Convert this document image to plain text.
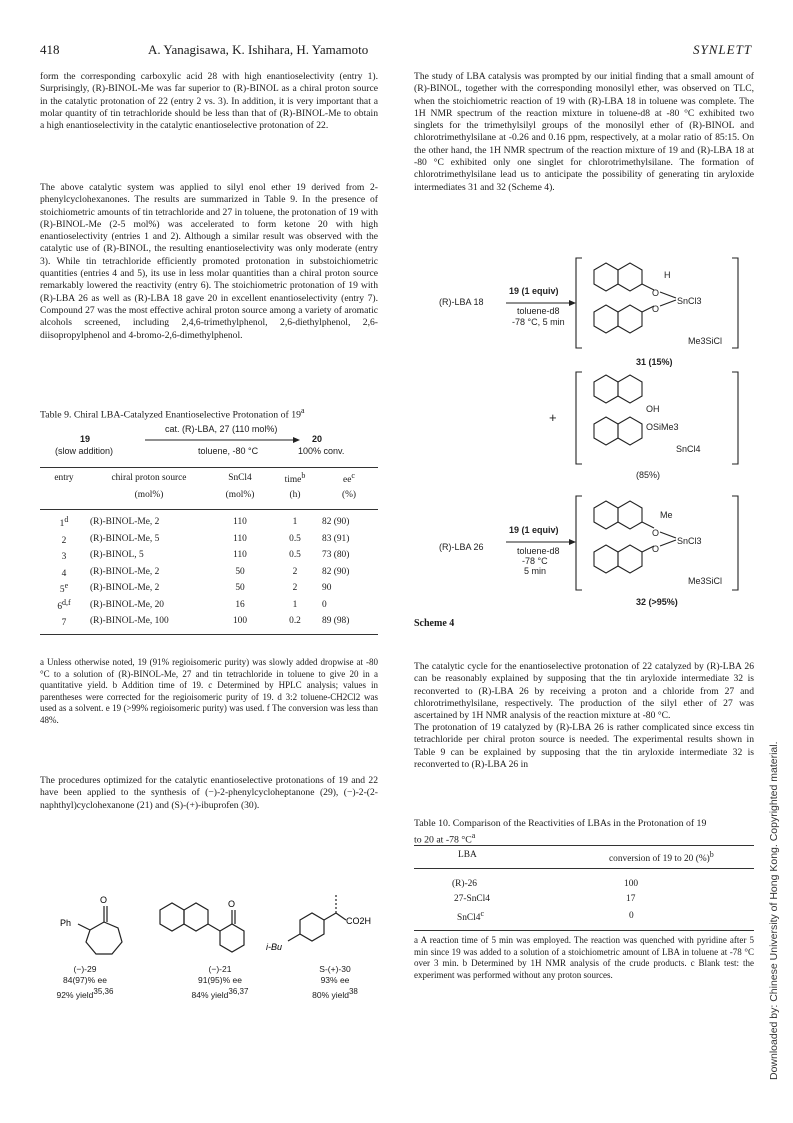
418	A. Yanagisawa, K. Ishihara, H. Yamamoto	SYNLETT

form the corresponding carboxylic acid 28 with high enantioselectivity (entry 1). Surprisingly, (R)-BINOL-Me was far superior to (R)-BINOL as a chiral proton source in the catalytic protonation of 22 (entry 2 vs. 3). In addition, it is very important that a molar quantity of tin tetrachloride should be less than that of (R)-BINOL-Me to obtain a high enantioselectivity in the catalytic enantioselective protonation of 22.

The above catalytic system was applied to silyl enol ether 19 derived from 2-phenylcyclohexanones. The results are summarized in Table 9. In the presence of stoichiometric amounts of tin tetrachloride and 27 in toluene, the protonation of 19 with (R)-BINOL-Me (2-5 mol%) was accelerated to form ketone 20 with high enantioselectivity (entries 1 and 2). Although a similar result was observed with the catalytic use of (R)-BINOL, the resulting enantioselectivity was only moderate (entry 3). While tin tetrachloride efficiently promoted protonation in substoichiometric quantities (entries 4 and 5), its use in less molar quantities than a chiral proton source remarkably lowered the reactivity (entry 6). The stoichiometric protonation of 19 with (R)-LBA 26 as well as (R)-LBA 18 gave 20 in excellent enantioselectivity (entry 7). Compound 27 was the most effective achiral proton source among a variety of aromatic alcohols screened, including 2,4,6-trimethylphenol, 2,6-diethylphenol, 2,6-diisopropylphenol and 4-bromo-2,6-dimethylphenol.

Table 9. Chiral LBA-Catalyzed Enantioselective Protonation of 19$^a$
19
(slow addition)
cat. (R)-LBA, 27 (110 mol%)
toluene, -80 °C
20
100% conv.
entry	chiral proton source	SnCl4	time$^b$	$ee^c$
	(mol%)	(mol%)	(h)	(%)

1$^d$	(R)-BINOL-Me, 2	110	1	82 (90)
2	(R)-BINOL-Me, 5	110	0.5	83 (91)
3	(R)-BINOL, 5	110	0.5	73 (80)
4	(R)-BINOL-Me, 2	50	2	82 (90)
5e	(R)-BINOL-Me, 2	50	2	90
6$^{d,f}$	(R)-BINOL-Me, 20	16	1	0
7	(R)-BINOL-Me, 100	100	0.2	89 (98)

a Unless otherwise noted, 19 (91% regioisomeric purity) was slowly added dropwise at -80 °C to a solution of (R)-BINOL-Me, 27 and tin tetrachloride in toluene to give 20 in a quantitative yield. b Addition time of 19. c Determined by HPLC analysis; values in parentheses were corrected for the regioisomeric purity of 19. d 3:2 toluene-CH2Cl2 was used as a solvent. e 19 (>99% regioisomeric purity) was used. f The conversion was less than 48%.

The procedures optimized for the catalytic enantioselective protonations of 19 and 22 have been applied to the synthesis of (−)-2-phenylcycloheptanone (29), (−)-2-(2-naphthyl)cyclohexanone (21) and (S)-(+)-ibuprofen (30).

Ph
O	O
i-Bu
CO2H
(−)-29
84(97)% ee
92% yield$^{35,36}$
(−)-21
91(95)% ee
84% yield$^{36,37}$
S-(+)-30
93% ee
80% yield$^{38}$

The study of LBA catalysis was prompted by our initial finding that a small amount of (R)-BINOL, together with the corresponding monosilyl ether, was observed on TLC, when the stoichiometric reaction of 19 with (R)-LBA 18 in toluene was complete. The 1H NMR spectrum of the reaction mixture in toluene-d8 at -80 °C exhibited two singlets for the trimethylsilyl groups of the monosilyl ether of (R)-BINOL and chlorotrimethylsilane at -0.26 and 0.16 ppm, respectively, at a molar ratio of 85:15. On the other hand, the 1H NMR spectrum of the reaction mixture of 19 and (R)-LBA 18 at -80 °C exhibited only one singlet for chlorotrimethylsilane. The formation of chlorotrimethylsilane lead us to anticipate the possibility of generating tin aryloxide intermediates 31 and 32 (Scheme 4).

(R)-LBA 18
19 (1 equiv)
toluene-d8
-78 °C, 5 min
H
O
O
SnCl3
Me3SiCl
31 (15%)
+
OH
OSiMe3
SnCl4
(85%)
(R)-LBA 26
19 (1 equiv)
toluene-d8
-78 °C
5 min
Me
O
O
SnCl3
Me3SiCl
32 (>95%)
Scheme 4

The catalytic cycle for the enantioselective protonation of 22 catalyzed by (R)-LBA 26 can be reasonably explained by supposing that the tin aryloxide intermediate 32 is reconverted to (R)-LBA 26 by receiving a proton and a chloride from 27 and chlorotrimethylsilane, respectively. The production of the silyl ether of 27 was ascertained by 1H NMR analysis of the reaction mixture at -80 °C.

The protonation of 19 catalyzed by (R)-LBA 26 is rather complicated since excess tin tetrachloride per chiral proton source is needed. The experimental results shown in Table 9 can be explained by supposing that the tin aryloxide intermediate 32 is reconverted to (R)-LBA 26 in

Table 10. Comparison of the Reactivities of LBAs in the Protonation of 19 to 20 at -78 $^\circ C^a$
LBA	conversion of 19 to 20 (%)$^b$
(R)-26	100
27-SnCl4	17
SnCl4$^c$	0

a A reaction time of 5 min was employed. The reaction was quenched with pyridine after 5 min since 19 was added to a solution of a stoichiometric amount of LBA in toluene at -78 °C over 3 min. b Determined by 1H NMR analysis of the crude products. c Blank test: the experiment was performed without any proton sources.	Downloaded by: Chinese University of Hong Kong. Copyrighted material.
